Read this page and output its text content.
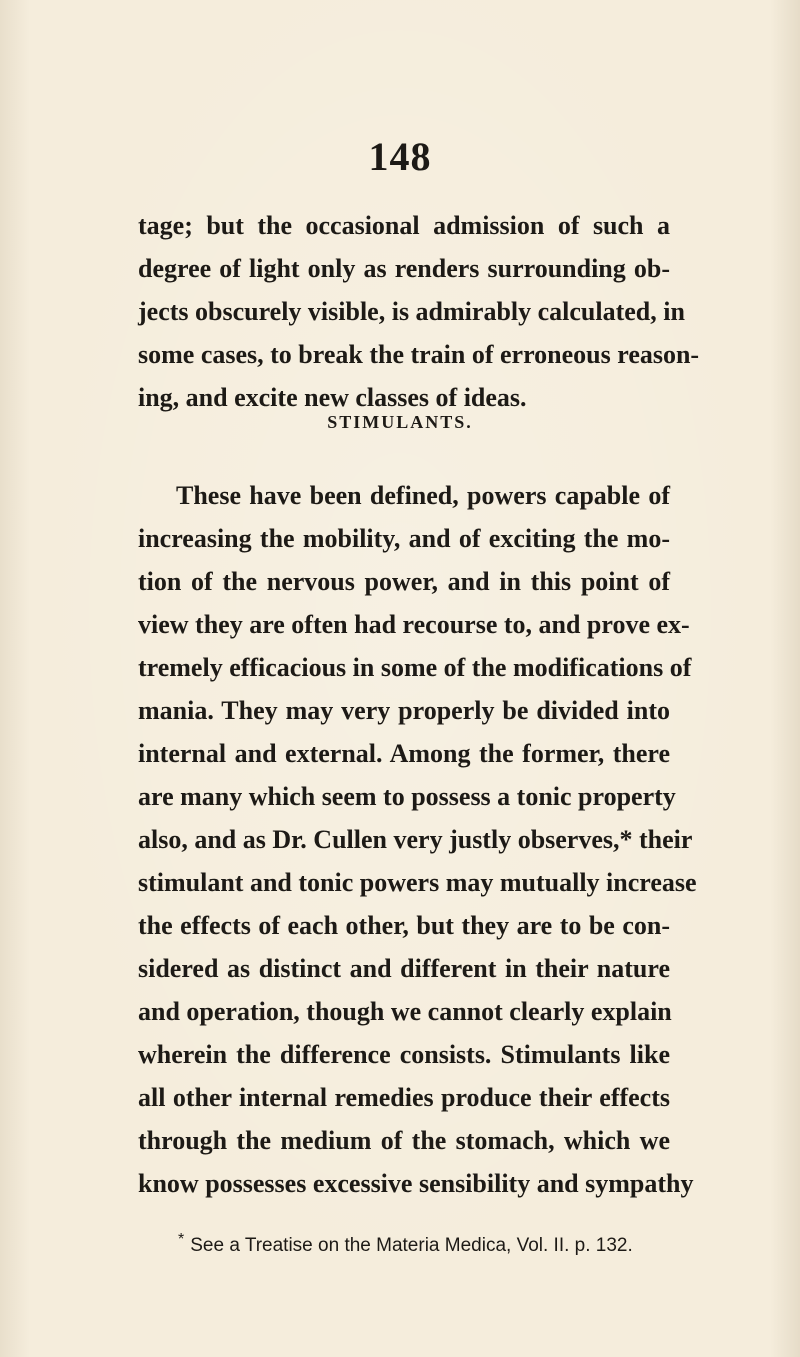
148
tage; but the occasional admission of such a
degree of light only as renders surrounding ob-
jects obscurely visible, is admirably calculated, in
some cases, to break the train of erroneous reason-
ing, and excite new classes of ideas.
STIMULANTS.
These have been defined, powers capable of
increasing the mobility, and of exciting the mo-
tion of the nervous power, and in this point of
view they are often had recourse to, and prove ex-
tremely efficacious in some of the modifications of
mania. They may very properly be divided into
internal and external. Among the former, there
are many which seem to possess a tonic property
also, and as Dr. Cullen very justly observes,* their
stimulant and tonic powers may mutually increase
the effects of each other, but they are to be con-
sidered as distinct and different in their nature
and operation, though we cannot clearly explain
wherein the difference consists. Stimulants like
all other internal remedies produce their effects
through the medium of the stomach, which we
know possesses excessive sensibility and sympathy
* See a Treatise on the Materia Medica, Vol. II. p. 132.
